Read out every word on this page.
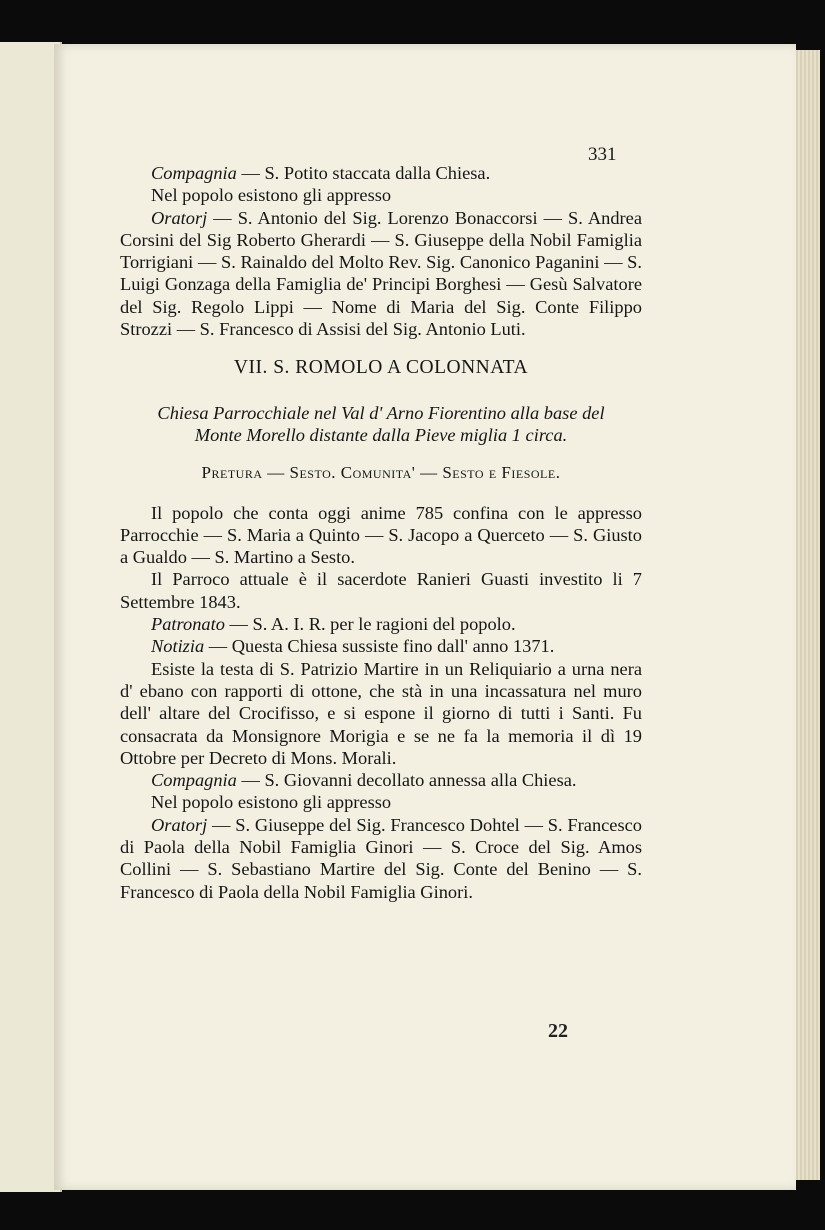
331

Compagnia — S. Potito staccata dalla Chiesa.

Nel popolo esistono gli appresso

Oratorj — S. Antonio del Sig. Lorenzo Bonaccorsi — S. Andrea Corsini del Sig Roberto Gherardi — S. Giuseppe della Nobil Famiglia Torrigiani — S. Rainaldo del Molto Rev. Sig. Canonico Paganini — S. Luigi Gonzaga della Famiglia de' Principi Borghesi — Gesù Salvatore del Sig. Regolo Lippi — Nome di Maria del Sig. Conte Filippo Strozzi — S. Francesco di Assisi del Sig. Antonio Luti.

VII. S. ROMOLO A COLONNATA

Chiesa Parrocchiale nel Val d' Arno Fiorentino alla base del

Monte Morello distante dalla Pieve miglia 1 circa.

Pretura — Sesto. Comunita' — Sesto e Fiesole.

Il popolo che conta oggi anime 785 confina con le appresso Parrocchie — S. Maria a Quinto — S. Jacopo a Querceto — S. Giusto a Gualdo — S. Martino a Sesto.

Il Parroco attuale è il sacerdote Ranieri Guasti investito li 7 Settembre 1843.

Patronato — S. A. I. R. per le ragioni del popolo.

Notizia — Questa Chiesa sussiste fino dall' anno 1371.

Esiste la testa di S. Patrizio Martire in un Reliquiario a urna nera d' ebano con rapporti di ottone, che stà in una incassatura nel muro dell' altare del Crocifisso, e si espone il giorno di tutti i Santi. Fu consacrata da Monsignore Morigia e se ne fa la memoria il dì 19 Ottobre per Decreto di Mons. Morali.

Compagnia — S. Giovanni decollato annessa alla Chiesa.

Nel popolo esistono gli appresso

Oratorj — S. Giuseppe del Sig. Francesco Dohtel — S. Francesco di Paola della Nobil Famiglia Ginori — S. Croce del Sig. Amos Collini — S. Sebastiano Martire del Sig. Conte del Benino — S. Francesco di Paola della Nobil Famiglia Ginori.

22
